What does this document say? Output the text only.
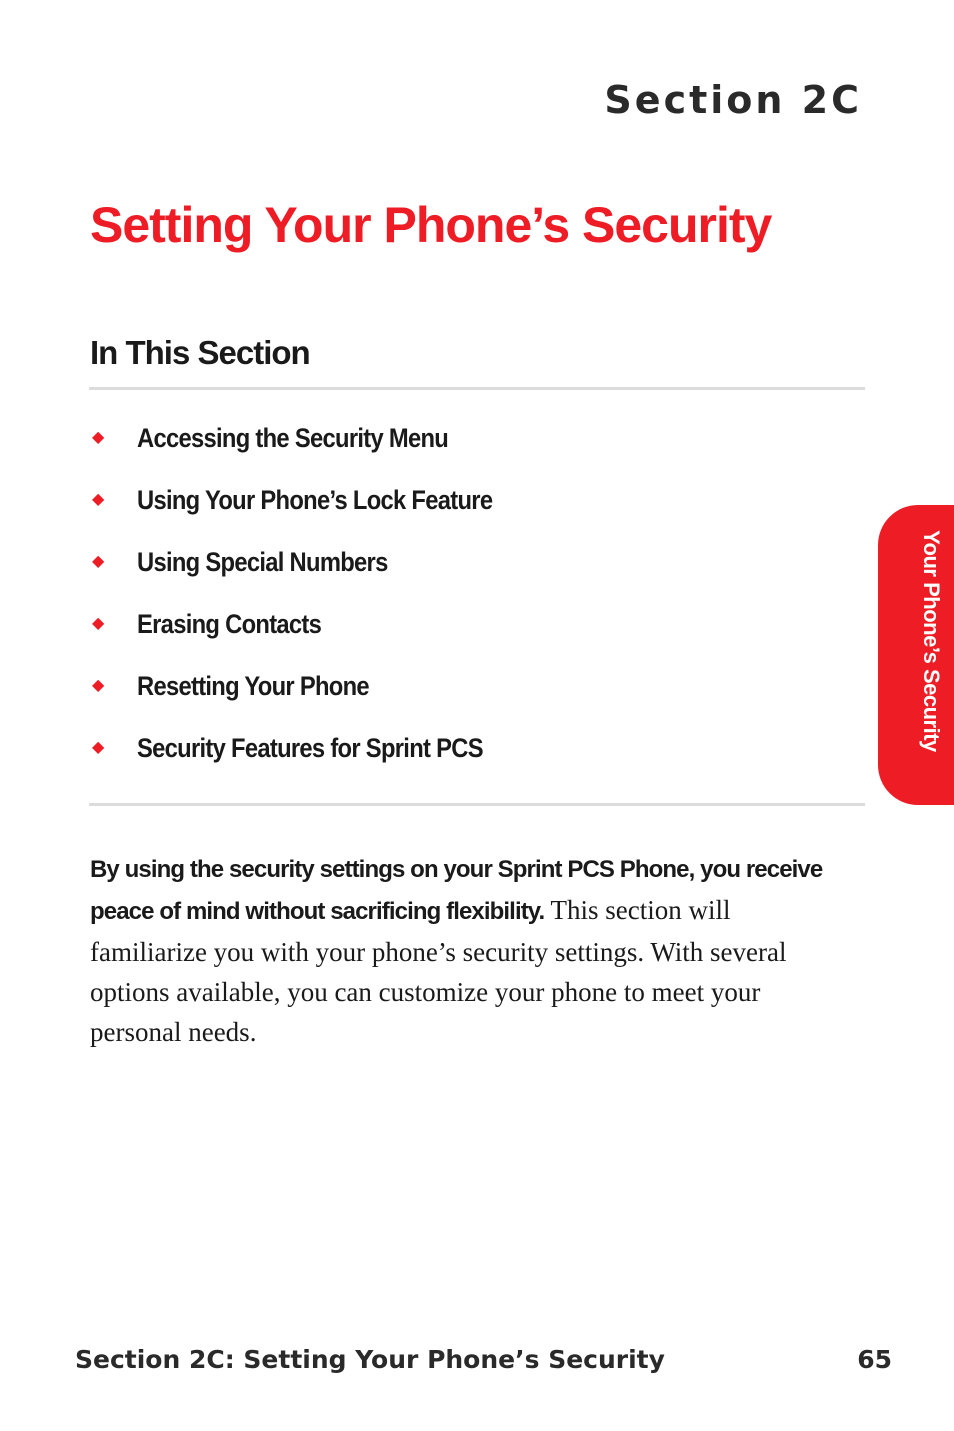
Section 2C
Setting Your Phone’s Security
In This Section
◆	Accessing the Security Menu
◆	Using Your Phone’s Lock Feature
◆	Using Special Numbers
◆	Erasing Contacts
◆	Resetting Your Phone
◆	Security Features for Sprint PCS

By using the security settings on your Sprint PCS Phone, you receive peace of mind without sacrificing flexibility. This section will familiarize you with your phone’s security settings. With several options available, you can customize your phone to meet your personal needs.

Your Phone’s Security
Section 2C: Setting Your Phone’s Security	65
